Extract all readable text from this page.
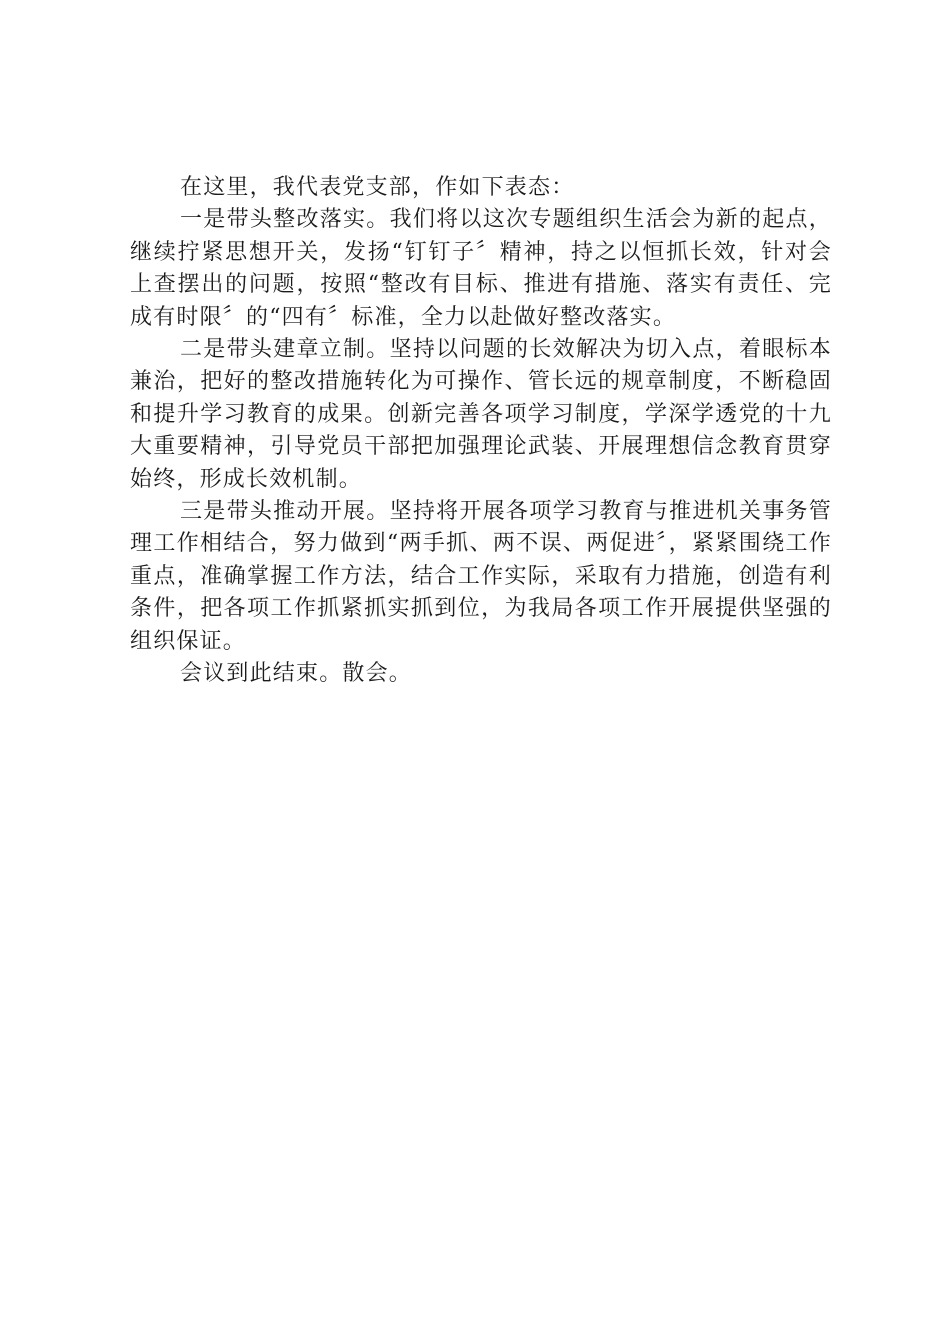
在这里，我代表党支部，作如下表态：

一是带头整改落实。我们将以这次专题组织生活会为新的起点，继续拧紧思想开关，发扬“钉钉子〞精神，持之以恒抓长效，针对会上查摆出的问题，按照“整改有目标、推进有措施、落实有责任、完成有时限〞的“四有〞标准，全力以赴做好整改落实。

二是带头建章立制。坚持以问题的长效解决为切入点，着眼标本兼治，把好的整改措施转化为可操作、管长远的规章制度，不断稳固和提升学习教育的成果。创新完善各项学习制度，学深学透党的十九大重要精神，引导党员干部把加强理论武装、开展理想信念教育贯穿始终，形成长效机制。

三是带头推动开展。坚持将开展各项学习教育与推进机关事务管理工作相结合，努力做到“两手抓、两不误、两促进〞，紧紧围绕工作重点，准确掌握工作方法，结合工作实际，采取有力措施，创造有利条件，把各项工作抓紧抓实抓到位，为我局各项工作开展提供坚强的组织保证。

会议到此结束。散会。
